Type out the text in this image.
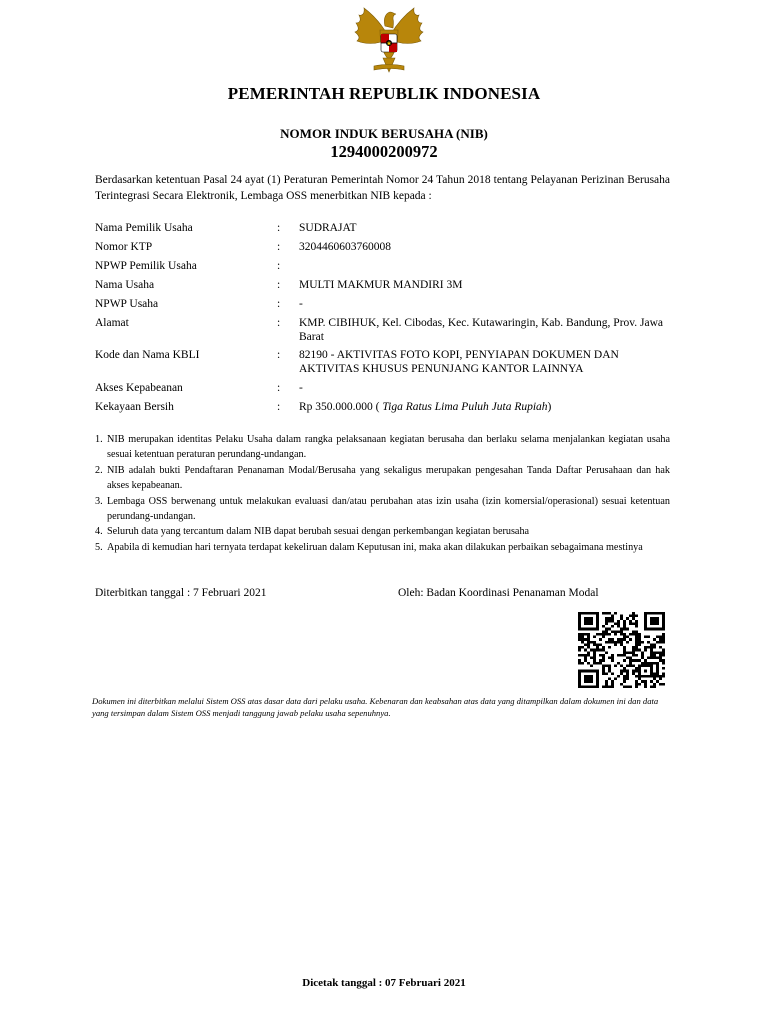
PEMERINTAH REPUBLIK INDONESIA
NOMOR INDUK BERUSAHA (NIB)
1294000200972
Berdasarkan ketentuan Pasal 24 ayat (1) Peraturan Pemerintah Nomor 24 Tahun 2018 tentang Pelayanan Perizinan Berusaha Terintegrasi Secara Elektronik, Lembaga OSS menerbitkan NIB kepada :
Nama Pemilik Usaha	: SUDRAJAT
Nomor KTP	: 3204460603760008
NPWP Pemilik Usaha	:
Nama Usaha	: MULTI MAKMUR MANDIRI 3M
NPWP Usaha	: -
Alamat	: KMP. CIBIHUK, Kel. Cibodas, Kec. Kutawaringin, Kab. Bandung, Prov. Jawa Barat
Kode dan Nama KBLI	: 82190 - AKTIVITAS FOTO KOPI, PENYIAPAN DOKUMEN DAN AKTIVITAS KHUSUS PENUNJANG KANTOR LAINNYA
Akses Kepabeanan	: -
Kekayaan Bersih	: Rp 350.000.000 ( Tiga Ratus Lima Puluh Juta Rupiah)
1. NIB merupakan identitas Pelaku Usaha dalam rangka pelaksanaan kegiatan berusaha dan berlaku selama menjalankan kegiatan usaha sesuai ketentuan peraturan perundang-undangan.
2. NIB adalah bukti Pendaftaran Penanaman Modal/Berusaha yang sekaligus merupakan pengesahan Tanda Daftar Perusahaan dan hak akses kepabeanan.
3. Lembaga OSS berwenang untuk melakukan evaluasi dan/atau perubahan atas izin usaha (izin komersial/operasional) sesuai ketentuan perundang-undangan.
4. Seluruh data yang tercantum dalam NIB dapat berubah sesuai dengan perkembangan kegiatan berusaha
5. Apabila di kemudian hari ternyata terdapat kekeliruan dalam Keputusan ini, maka akan dilakukan perbaikan sebagaimana mestinya
Diterbitkan tanggal : 7 Februari 2021	Oleh: Badan Koordinasi Penanaman Modal
Dokumen ini diterbitkan melalui Sistem OSS atas dasar data dari pelaku usaha. Kebenaran dan keabsahan atas data yang ditampilkan dalam dokumen ini dan data yang tersimpan dalam Sistem OSS menjadi tanggung jawab pelaku usaha sepenuhnya.
Dicetak tanggal : 07 Februari 2021
